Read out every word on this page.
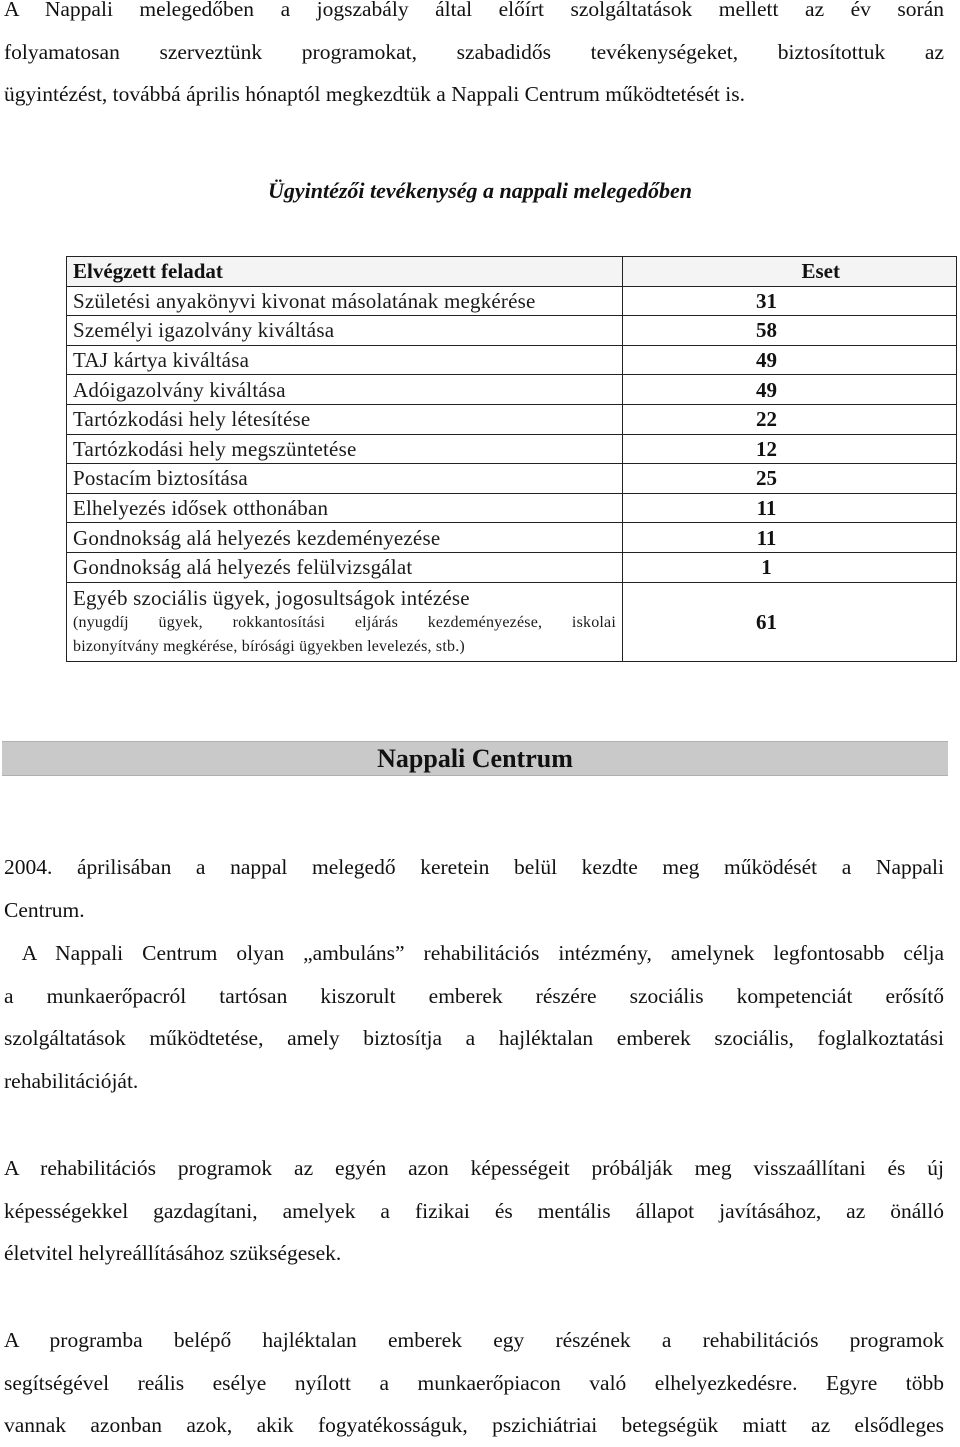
A Nappali melegedőben a jogszabály által előírt szolgáltatások mellett az év során
folyamatosan szerveztünk programokat, szabadidős tevékenységeket, biztosítottuk az
ügyintézést, továbbá április hónaptól megkezdtük a Nappali Centrum működtetését is.
Ügyintézői tevékenység a nappali melegedőben
Elvégzett feladat	Eset
Születési anyakönyvi kivonat másolatának megkérése	31
Személyi igazolvány kiváltása	58
TAJ kártya kiváltása	49
Adóigazolvány kiváltása	49
Tartózkodási hely létesítése	22
Tartózkodási hely megszüntetése	12
Postacím biztosítása	25
Elhelyezés idősek otthonában	11
Gondnokság alá helyezés kezdeményezése	11
Gondnokság alá helyezés felülvizsgálat	1
Egyéb szociális ügyek, jogosultságok intézése
(nyugdíj ügyek, rokkantosítási eljárás kezdeményezése, iskolai
bizonyítvány megkérése, bírósági ügyekben levelezés, stb.)	61
Nappali Centrum
2004. áprilisában a nappal melegedő keretein belül kezdte meg működését a Nappali
Centrum.
A Nappali Centrum olyan „ambuláns” rehabilitációs intézmény, amelynek legfontosabb célja
a munkaerőpacról tartósan kiszorult emberek részére szociális kompetenciát erősítő
szolgáltatások működtetése, amely biztosítja a hajléktalan emberek szociális, foglalkoztatási
rehabilitációját.
A rehabilitációs programok az egyén azon képességeit próbálják meg visszaállítani és új
képességekkel gazdagítani, amelyek a fizikai és mentális állapot javításához, az önálló
életvitel helyreállításához szükségesek.
A programba belépő hajléktalan emberek egy részének a rehabilitációs programok
segítségével reális esélye nyílott a munkaerőpiacon való elhelyezkedésre. Egyre több
vannak azonban azok, akik fogyatékosságuk, pszichiátriai betegségük miatt az elsődleges
